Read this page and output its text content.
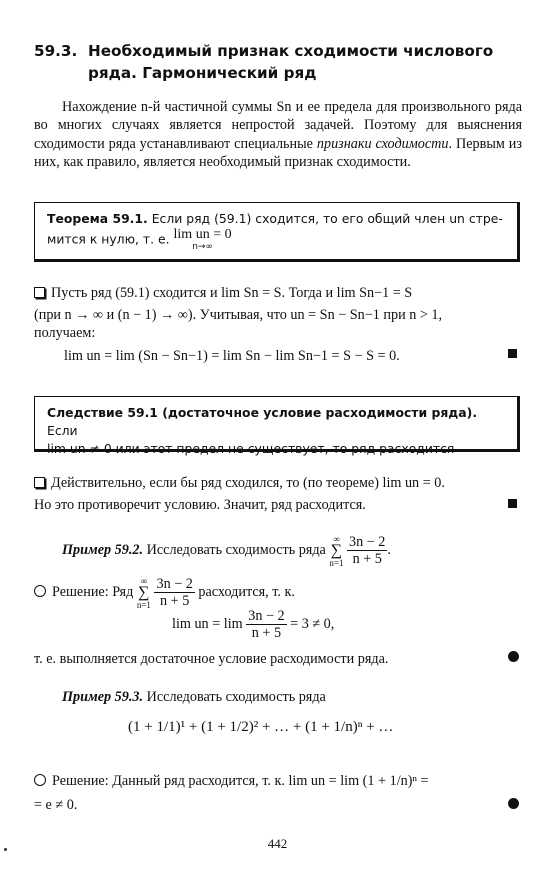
59.3. Необходимый признак сходимости числового
ряда. Гармонический ряд
Нахождение n-й частичной суммы Sn и ее предела для произвольного ряда во многих случаях является непростой задачей. Поэтому для выяснения сходимости ряда устанавливают специальные признаки сходимости. Первым из них, как правило, является необходимый признак сходимости.
Теорема 59.1. Если ряд (59.1) сходится, то его общий член un стре-
мится к нулю, т. е. lim un = 0
n→∞
Пусть ряд (59.1) сходится и lim Sn = S. Тогда и lim Sn−1 = S
(при n → ∞ и (n − 1) → ∞). Учитывая, что un = Sn − Sn−1 при n > 1,
получаем:
lim un = lim (Sn − Sn−1) = lim Sn − lim Sn−1 = S − S = 0.
Следствие 59.1 (достаточное условие расходимости ряда). Если
lim un ≠ 0 или этот предел не существует, то ряд расходится
Действительно, если бы ряд сходился, то (по теореме) lim un = 0.
Но это противоречит условию. Значит, ряд расходится.
Пример 59.2. Исследовать сходимость ряда ∞
∑
$n=1 \frac{3n - 2}{n + 5}$ .
Решение: Ряд ∞
∑
$n=1 \frac{3n - 2}{n + 5}$ расходится, т. к.
lim un = $\lim \frac{3n - 2}{n + 5} = 3 \ne 0$,
т. е. выполняется достаточное условие расходимости ряда.
Пример 59.3. Исследовать сходимость ряда
(1 + 1/1)¹ + (1 + 1/2)² + … + (1 + 1/n)ⁿ + …
Решение: Данный ряд расходится, т. к. lim un = lim (1 + 1/n)ⁿ =
= e ≠ 0.
442
